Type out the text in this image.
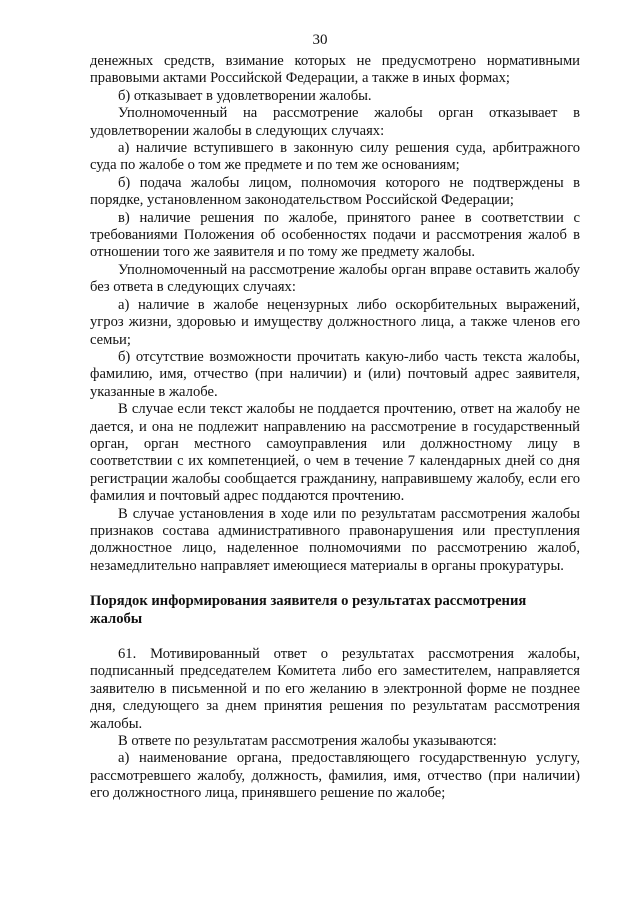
30

денежных средств, взимание которых не предусмотрено нормативными правовыми актами Российской Федерации, а также в иных формах;

б) отказывает в удовлетворении жалобы.

Уполномоченный на рассмотрение жалобы орган отказывает в удовлетворении жалобы в следующих случаях:

а) наличие вступившего в законную силу решения суда, арбитражного суда по жалобе о том же предмете и по тем же основаниям;

б) подача жалобы лицом, полномочия которого не подтверждены в порядке, установленном законодательством Российской Федерации;

в) наличие решения по жалобе, принятого ранее в соответствии с требованиями Положения об особенностях подачи и рассмотрения жалоб в отношении того же заявителя и по тому же предмету жалобы.

Уполномоченный на рассмотрение жалобы орган вправе оставить жалобу без ответа в следующих случаях:

а) наличие в жалобе нецензурных либо оскорбительных выражений, угроз жизни, здоровью и имуществу должностного лица, а также членов его семьи;

б) отсутствие возможности прочитать какую-либо часть текста жалобы, фамилию, имя, отчество (при наличии) и (или) почтовый адрес заявителя, указанные в жалобе.

В случае если текст жалобы не поддается прочтению, ответ на жалобу не дается, и она не подлежит направлению на рассмотрение в государственный орган, орган местного самоуправления или должностному лицу в соответствии с их компетенцией, о чем в течение 7 календарных дней со дня регистрации жалобы сообщается гражданину, направившему жалобу, если его фамилия и почтовый адрес поддаются прочтению.

В случае установления в ходе или по результатам рассмотрения жалобы признаков состава административного правонарушения или преступления должностное лицо, наделенное полномочиями по рассмотрению жалоб, незамедлительно направляет имеющиеся материалы в органы прокуратуры.

Порядок информирования заявителя о результатах рассмотрения
жалобы

61. Мотивированный ответ о результатах рассмотрения жалобы, подписанный председателем Комитета либо его заместителем, направляется заявителю в письменной и по его желанию в электронной форме не позднее дня, следующего за днем принятия решения по результатам рассмотрения жалобы.

В ответе по результатам рассмотрения жалобы указываются:

а) наименование органа, предоставляющего государственную услугу, рассмотревшего жалобу, должность, фамилия, имя, отчество (при наличии) его должностного лица, принявшего решение по жалобе;
